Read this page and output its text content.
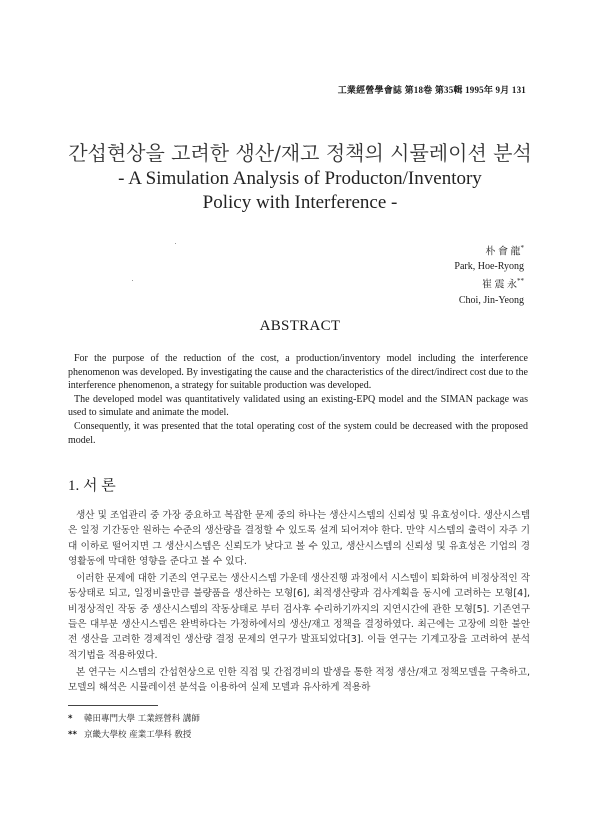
工業經營學會誌 第18卷 第35輯 1995年 9月 131

간섭현상을 고려한 생산/재고 정책의 시뮬레이션 분석

- A Simulation Analysis of Producton/Inventory

Policy with Interference -

朴 會 龍*
Park, Hoe-Ryong
崔 震 永**
Choi, Jin-Yeong
ABSTRACT

For the purpose of the reduction of the cost, a production/inventory model including the interference phenomenon was developed. By investigating the cause and the characteristics of the direct/indirect cost due to the interference phenomenon, a strategy for suitable production was developed.

The developed model was quantitatively validated using an existing-EPQ model and the SIMAN package was used to simulate and animate the model.

Consequently, it was presented that the total operating cost of the system could be decreased with the proposed model.

1. 서 론

생산 및 조업관리 중 가장 중요하고 복잡한 문제 중의 하나는 생산시스템의 신뢰성 및 유효성이다. 생산시스템은 일정 기간동안 원하는 수준의 생산량을 결정할 수 있도록 설계 되어져야 한다. 만약 시스템의 출력이 자주 기대 이하로 떨어지면 그 생산시스템은 신뢰도가 낮다고 볼 수 있고, 생산시스템의 신뢰성 및 유효성은 기업의 경영활동에 막대한 영향을 준다고 볼 수 있다.

이러한 문제에 대한 기존의 연구로는 생산시스템 가운데 생산진행 과정에서 시스템이 퇴화하여 비정상적인 작동상태로 되고, 일정비율만큼 불량품을 생산하는 모형[6], 최적생산량과 검사계획을 동시에 고려하는 모형[4], 비정상적인 작동 중 생산시스템의 작동상태로 부터 검사후 수리하기까지의 지연시간에 관한 모형[5]. 기존연구들은 대부분 생산시스템은 완벽하다는 가정하에서의 생산/재고 정책을 결정하였다. 최근에는 고장에 의한 불안전 생산을 고려한 경제적인 생산량 결정 문제의 연구가 발표되었다[3]. 이들 연구는 기계고장을 고려하여 분석적기법을 적용하였다.

본 연구는 시스템의 간섭현상으로 인한 직접 및 간접경비의 발생을 통한 적정 생산/재고 정책모델을 구축하고, 모델의 해석은 시뮬레이션 분석을 이용하여 실제 모델과 유사하게 적용하

* 韓田專門大學 工業經營科 講師
** 京畿大學校 産業工學科 敎授
